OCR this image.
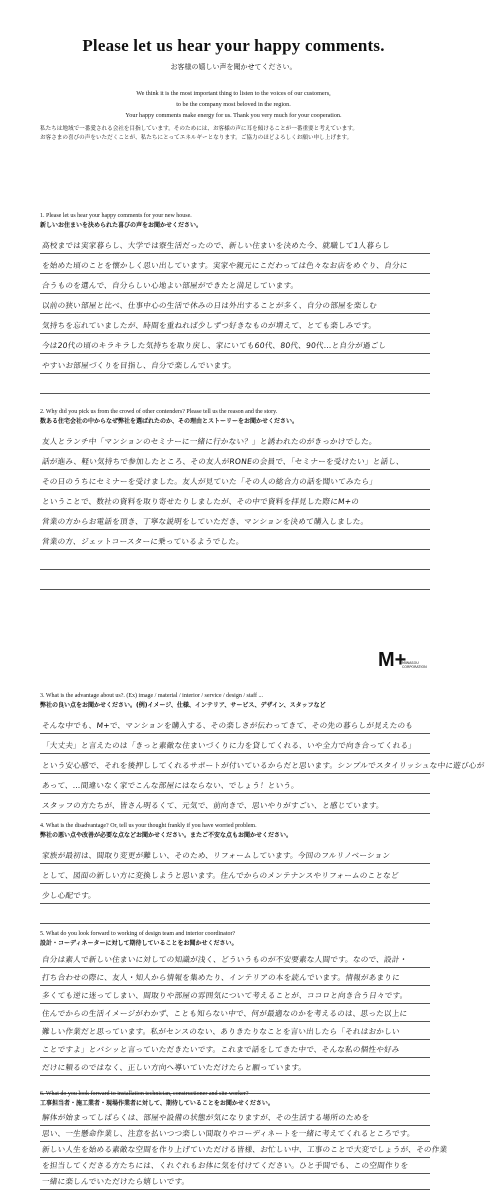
Please let us hear your happy comments.
お客様の嬉しい声を聞かせてください。
We think it is the most important thing to listen to the voices of our customers,
to be the company most beloved in the region.
Your happy comments make energy for us. Thank you very much for your cooperation.
私たちは地域で一番愛される会社を目指しています。そのためには、お客様の声に耳を傾けることが一番重要と考えています。
お客さまの喜びの声をいただくことが、私たちにとってエネルギーとなります。ご協力のほどよろしくお願い申し上げます。
1. Please let us hear your happy comments for your new house.
新しいお住まいを決められた喜びの声をお聞かせください。
高校までは実家暮らし、大学では寮生活だったので、新しい住まいを決めた今、就職して1人暮らし
を始めた頃のことを懐かしく思い出しています。実家や親元にこだわっては色々なお店をめぐり、自分に
合うものを選んで、自分らしい心地よい部屋ができたと満足しています。
以前の狭い部屋と比べ、仕事中心の生活で休みの日は外出することが多く、自分の部屋を楽しむ
気持ちを忘れていましたが、時間を重ねれば少しずつ好きなものが増えて、とても楽しみです。
今は20代の頃のキラキラした気持ちを取り戻し、家にいても60代、80代、90代…と自分が過ごし
やすいお部屋づくりを目指し、自分で楽しんでいます。
2. Why did you pick us from the crowd of other contenders? Please tell us the reason and the story.
数ある住宅会社の中からなぜ弊社を選ばれたのか、その理由とストーリーをお聞かせください。
友人とランチ中「マンションのセミナーに一緒に行かない？」と誘われたのがきっかけでした。
話が進み、軽い気持ちで参加したところ、その友人がRONEの会員で、「セミナーを受けたい」と話し、
その日のうちにセミナーを受けました。友人が見ていた「その人の総合力の話を聞いてみたら」
ということで、数社の資料を取り寄せたりしましたが、その中で資料を拝見した際にM+の
営業の方からお電話を頂き、丁寧な説明をしていただき、マンションを決めて購入しました。
営業の方、ジェットコースターに乗っているようでした。
M+
MIWASOU
CORPORATION
3. What is the advantage about us?. (Ex) image / material / interior / service / design / staff ...
弊社の良い点をお聞かせください。(例)イメージ、仕様、インテリア、サービス、デザイン、スタッフなど
そんな中でも、M+で、マンションを購入する、その楽しさが伝わってきて、その先の暮らしが見えたのも
「大丈夫」と言えたのは「きっと素敵な住まいづくりに力を貸してくれる、いや全力で向き合ってくれる」
という安心感で、それを後押ししてくれるサポートが付いているからだと思います。シンプルでスタイリッシュな中に遊び心が
あって、…間違いなく家でこんな部屋にはならない、でしょう！という。
スタッフの方たちが、皆さん明るくて、元気で、前向きで、思いやりがすごい、と感じています。
4. What is the disadvantage? Or, tell us your thought frankly if you have worried problem.
弊社の悪い点や改善が必要な点などお聞かせください。またご不安な点もお聞かせください。
家族が最初は、間取り変更が難しい、そのため、リフォームしています。今回のフルリノベーション
として、図面の新しい方に変換しようと思います。住んでからのメンテナンスやリフォームのことなど
少し心配です。
5. What do you look forward to working of design team and interior coordinator?
設計・コーディネーターに対して期待していることをお聞かせください。
自分は素人で新しい住まいに対しての知識が浅く、どういうものが不安要素な人間です。なので、設計・
打ち合わせの際に、友人・知人から情報を集めたり、インテリアの本を読んでいます。情報があまりに
多くても逆に迷ってしまい、間取りや部屋の雰囲気について考えることが、ココロと向き合う日々です。
住んでからの生活イメージがわかず、ことも知らない中で、何が最適なのかを考えるのは、思った以上に
難しい作業だと思っています。私がセンスのない、ありきたりなことを言い出したら「それはおかしい
ことですよ」とバシッと言っていただきたいです。これまで話をしてきた中で、そんな私の個性や好み
だけに頼るのではなく、正しい方向へ導いていただけたらと願っています。
6. What do you look forward to installation technician, constructioner and site worker?
工事担当者・施工業者・現場作業者に対して、期待していることをお聞かせください。
解体が始まってしばらくは、部屋や設備の状態が気になりますが、その生活する場所のためを
思い、一生懸命作業し、注意を払いつつ楽しい間取りやコーディネートを一緒に考えてくれるところです。
新しい人生を始める素敵な空間を作り上げていただける皆様、お忙しい中、工事のことで大変でしょうが、その作業
を担当してくださる方たちには、くれぐれもお体に気を付けてください。ひと手間でも、この空間作りを
一緒に楽しんでいただけたら嬉しいです。
